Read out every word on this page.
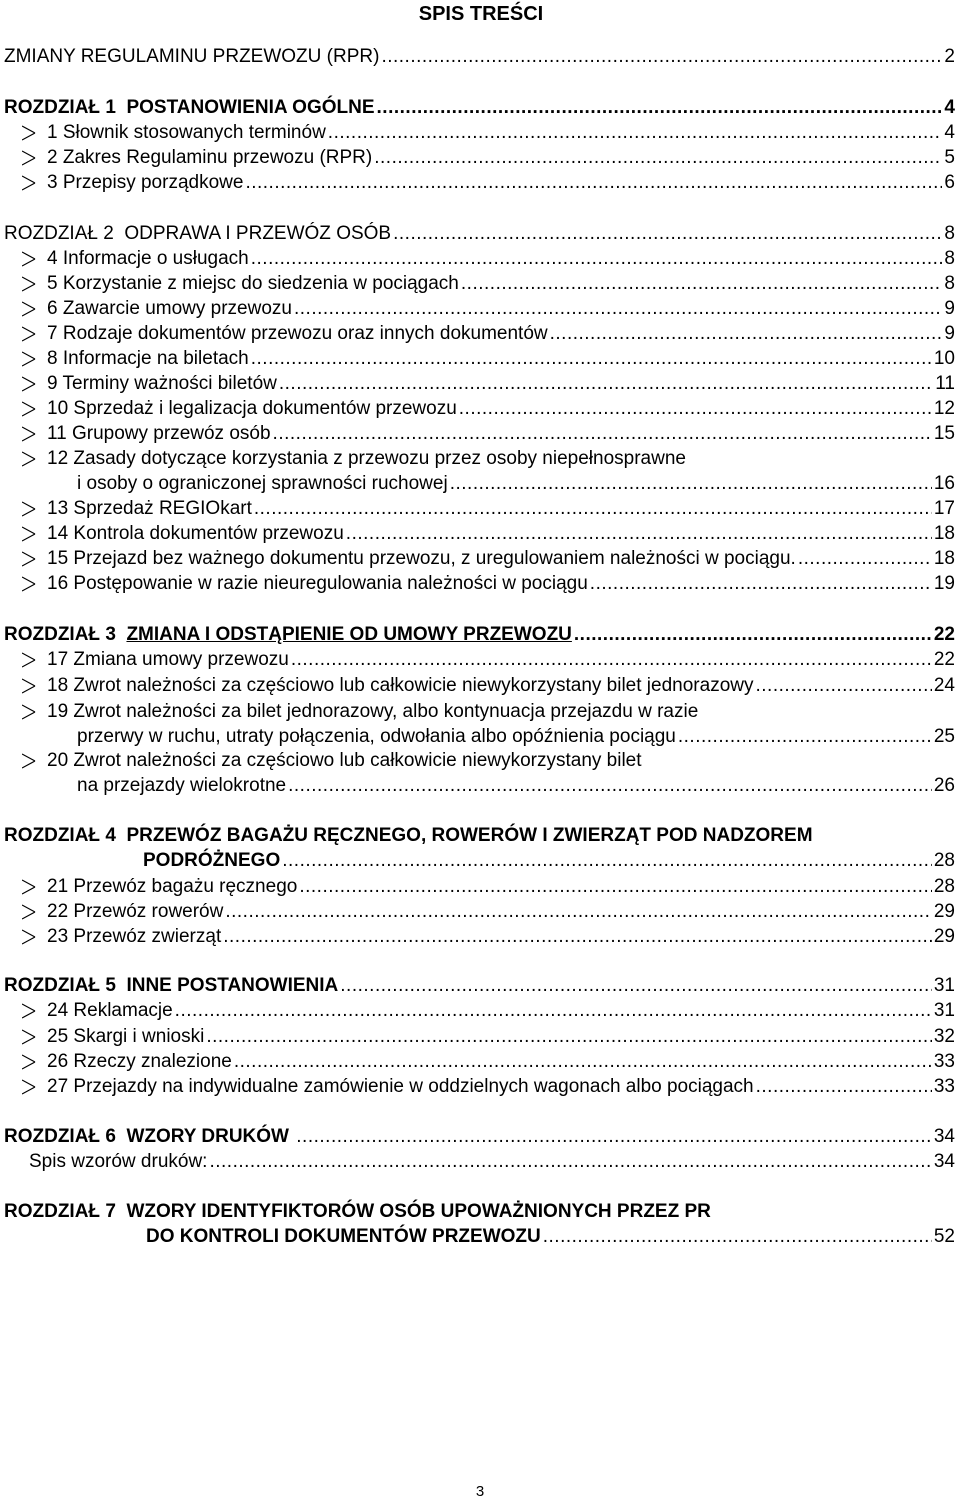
SPIS TREŚCI
ZMIANY REGULAMINU PRZEWOZU (RPR) .....	2
ROZDZIAŁ 1 POSTANOWIENIA OGÓLNE .....	4
1 Słownik stosowanych terminów .....	4
2 Zakres Regulaminu przewozu (RPR) .....	5
3 Przepisy porządkowe .....	6
ROZDZIAŁ 2 ODPRAWA I PRZEWÓZ OSÓB .....	8
4 Informacje o usługach .....	8
5 Korzystanie z miejsc do siedzenia w pociągach .....	8
6 Zawarcie umowy przewozu .....	9
7 Rodzaje dokumentów przewozu oraz innych dokumentów .....	9
8 Informacje na biletach .....	10
9 Terminy ważności biletów .....	11
10 Sprzedaż i legalizacja dokumentów przewozu .....	12
11 Grupowy przewóz osób .....	15
12 Zasady dotyczące korzystania z przewozu przez osoby niepełnosprawne
i osoby o ograniczonej sprawności ruchowej .....	16
13 Sprzedaż REGIOkart .....	17
14 Kontrola dokumentów przewozu .....	18
15 Przejazd bez ważnego dokumentu przewozu, z uregulowaniem należności w pociągu. .....	18
16 Postępowanie w razie nieuregulowania należności w pociągu .....	19
ROZDZIAŁ 3 ZMIANA I ODSTĄPIENIE OD UMOWY PRZEWOZU .....	22
17 Zmiana umowy przewozu .....	22
18 Zwrot należności za częściowo lub całkowicie niewykorzystany bilet jednorazowy .....	24
19 Zwrot należności za bilet jednorazowy, albo kontynuacja przejazdu w razie
przerwy w ruchu, utraty połączenia, odwołania albo opóźnienia pociągu .....	25
20 Zwrot należności za częściowo lub całkowicie niewykorzystany bilet
na przejazdy wielokrotne .....	26
ROZDZIAŁ 4 PRZEWÓZ BAGAŻU RĘCZNEGO, ROWERÓW I ZWIERZĄT POD NADZOREM
PODRÓŻNEGO .....	28
21 Przewóz bagażu ręcznego .....	28
22 Przewóz rowerów .....	29
23 Przewóz zwierząt .....	29
ROZDZIAŁ 5 INNE POSTANOWIENIA .....	31
24 Reklamacje .....	31
25 Skargi i wnioski .....	32
26 Rzeczy znalezione .....	33
27 Przejazdy na indywidualne zamówienie w oddzielnych wagonach albo pociągach .....	33
ROZDZIAŁ 6 WZORY DRUKÓW .....	34
Spis wzorów druków: .....	34
ROZDZIAŁ 7 WZORY IDENTYFIKTORÓW OSÓB UPOWAŻNIONYCH PRZEZ PR
DO KONTROLI DOKUMENTÓW PRZEWOZU .....	52
3
